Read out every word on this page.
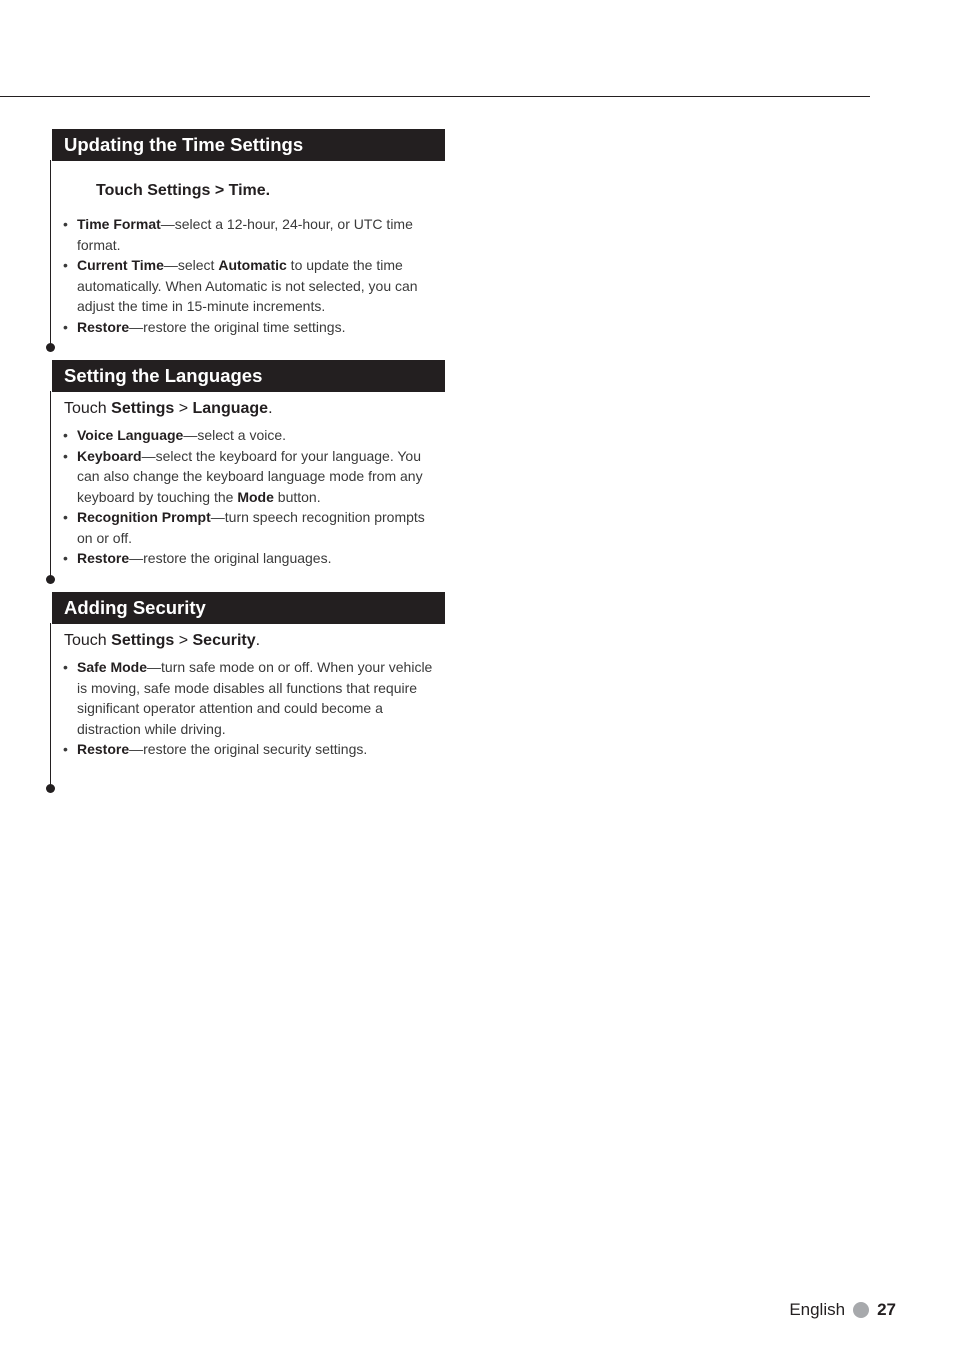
Updating the Time Settings

Touch Settings > Time.

• Time Format—select a 12-hour, 24-hour, or UTC time format.
• Current Time—select Automatic to update the time automatically. When Automatic is not selected, you can adjust the time in 15-minute increments.
• Restore—restore the original time settings.
Setting the Languages

Touch Settings > Language.

• Voice Language—select a voice.
• Keyboard—select the keyboard for your language. You can also change the keyboard language mode from any keyboard by touching the Mode button.
• Recognition Prompt—turn speech recognition prompts on or off.
• Restore—restore the original languages.
Adding Security

Touch Settings > Security.

• Safe Mode—turn safe mode on or off. When your vehicle is moving, safe mode disables all functions that require significant operator attention and could become a distraction while driving.
• Restore—restore the original security settings.
English 27
